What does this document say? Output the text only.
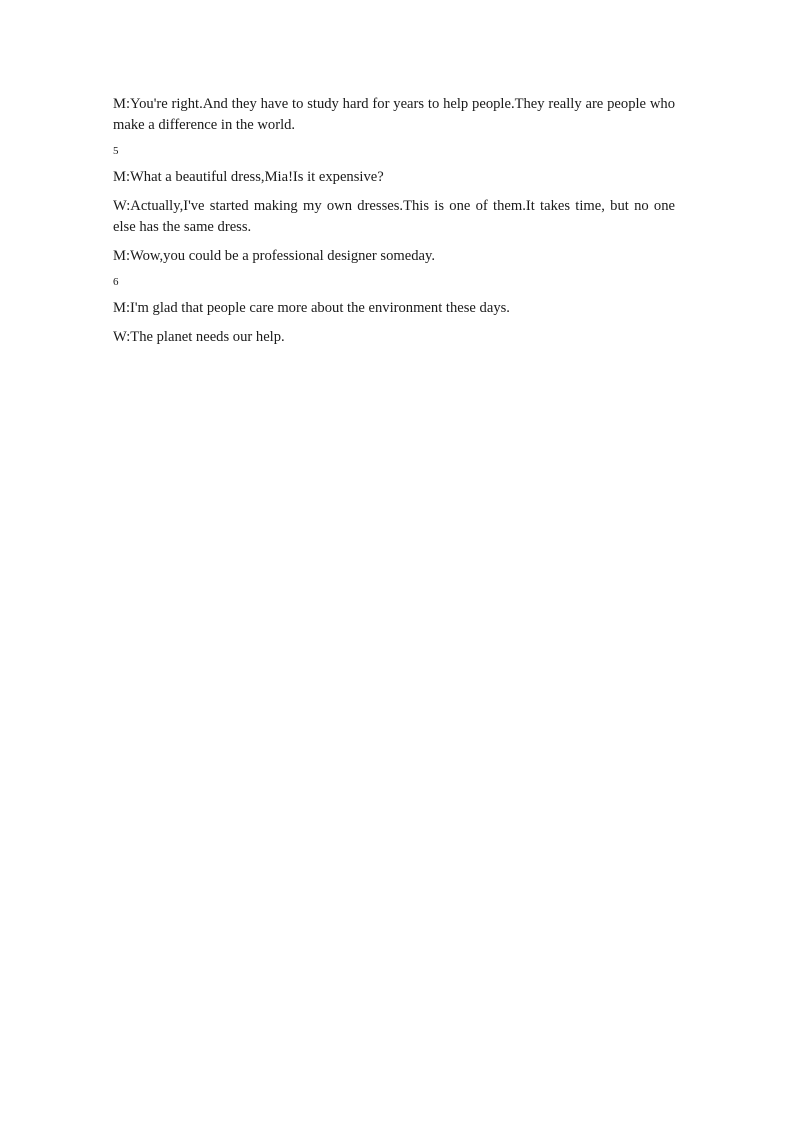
M:You're right.And they have to study hard for years to help people.They really are people who make a difference in the world.

5

M:What a beautiful dress,Mia!Is it expensive?

W:Actually,I've started making my own dresses.This is one of them.It takes time, but no one else has the same dress.

M:Wow,you could be a professional designer someday.

6

M:I'm glad that people care more about the environment these days.

W:The planet needs our help.
